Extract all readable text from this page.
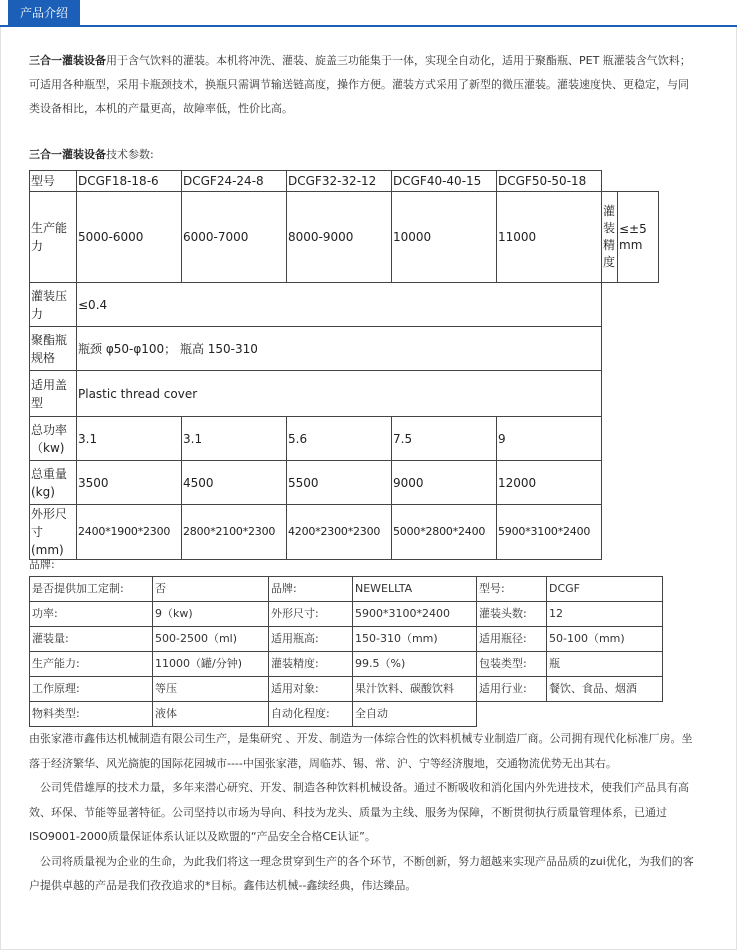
产品介绍
三合一灌装设备用于含气饮料的灌装。本机将冲洗、灌装、旋盖三功能集于一体，实现全自动化，适用于聚酯瓶、PET 瓶灌装含气饮料；可适用各种瓶型，采用卡瓶颈技术，换瓶只需调节输送链高度，操作方便。灌装方式采用了新型的微压灌装。灌装速度快、更稳定，与同类设备相比，本机的产量更高，故障率低，性价比高。
三合一灌装设备技术参数:
型号	DCGF18-18-6	DCGF24-24-8	DCGF32-32-12	DCGF40-40-15	DCGF50-50-18		
生产能力	5000-6000	6000-7000	8000-9000	10000	11000	灌装精度	≤±5mm
灌装压力	≤0.4						
聚酯瓶规格	瓶颈 φ50-φ100； 瓶高 150-310						
适用盖型	Plastic thread cover						
总功率（kw)	3.1	3.1	5.6	7.5	9		
总重量(kg)	3500	4500	5500	9000	12000		
外形尺寸(mm)	2400*1900*2300	2800*2100*2300	4200*2300*2300	5000*2800*2400	5900*3100*2400		
品牌:
是否提供加工定制:	否	品牌:	NEWELLTA	型号:	DCGF
功率:	9（kw)	外形尺寸:	5900*3100*2400	灌装头数:	12
灌装量:	500-2500（ml)	适用瓶高:	150-310（mm)	适用瓶径:	50-100（mm)
生产能力:	11000（罐/分钟)	灌装精度:	99.5（%)	包装类型:	瓶
工作原理:	等压	适用对象:	果汁饮料、碳酸饮料	适用行业:	餐饮、食品、烟酒
物料类型:	液体	自动化程度:	全自动		

由张家港市鑫伟达机械制造有限公司生产，是集研究 、开发、制造为一体综合性的饮料机械专业制造厂商。公司拥有现代化标准厂房。坐落于经济繁华、风光旖旎的国际花园城市----中国张家港，周临苏、锡、常、沪、宁等经济腹地，交通物流优势无出其右。

公司凭借雄厚的技术力量，多年来潜心研究、开发、制造各种饮料机械设备。通过不断吸收和消化国内外先进技术，使我们产品具有高效、环保、节能等显著特征。公司坚持以市场为导向、科技为龙头、质量为主线、服务为保障，不断贯彻执行质量管理体系，已通过ISO9001-2000质量保证体系认证以及欧盟的“产品安全合格CE认证”。

公司将质量视为企业的生命，为此我们将这一理念贯穿到生产的各个环节，不断创新，努力超越来实现产品品质的zui优化，为我们的客户提供卓越的产品是我们孜孜追求的*目标。鑫伟达机械--鑫续经典，伟达臻品。
